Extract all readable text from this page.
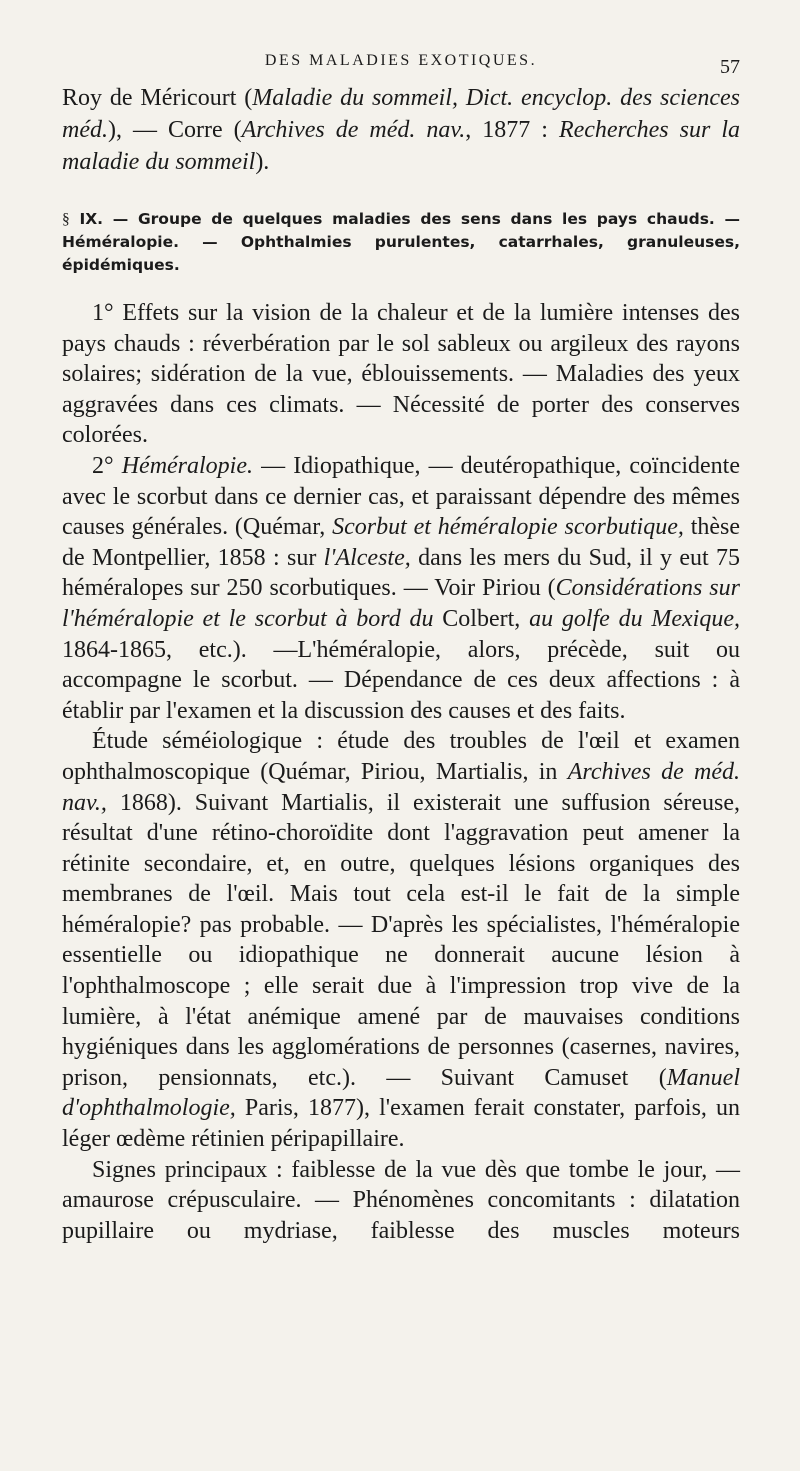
DES MALADIES EXOTIQUES.	57

Roy de Méricourt (Maladie du sommeil, Dict. encyclop. des sciences méd.), — Corre (Archives de méd. nav., 1877 : Recherches sur la maladie du sommeil).

§ IX. — Groupe de quelques maladies des sens dans les pays chauds. — Héméralopie. — Ophthalmies purulentes, catarrhales, granuleuses, épidémiques.

1° Effets sur la vision de la chaleur et de la lumière intenses des pays chauds : réverbération par le sol sableux ou argileux des rayons solaires; sidération de la vue, éblouissements. — Maladies des yeux aggravées dans ces climats. — Nécessité de porter des conserves colorées.

2° Héméralopie. — Idiopathique, — deutéropathique, coïncidente avec le scorbut dans ce dernier cas, et paraissant dépendre des mêmes causes générales. (Quémar, Scorbut et héméralopie scorbutique, thèse de Montpellier, 1858 : sur l'Alceste, dans les mers du Sud, il y eut 75 héméralopes sur 250 scorbutiques. — Voir Piriou (Considérations sur l'héméralopie et le scorbut à bord du Colbert, au golfe du Mexique, 1864-1865, etc.). —L'héméralopie, alors, précède, suit ou accompagne le scorbut. — Dépendance de ces deux affections : à établir par l'examen et la discussion des causes et des faits.

Étude séméiologique : étude des troubles de l'œil et examen ophthalmoscopique (Quémar, Piriou, Martialis, in Archives de méd. nav., 1868). Suivant Martialis, il existerait une suffusion séreuse, résultat d'une rétino-choroïdite dont l'aggravation peut amener la rétinite secondaire, et, en outre, quelques lésions organiques des membranes de l'œil. Mais tout cela est-il le fait de la simple héméralopie? pas probable. — D'après les spécialistes, l'héméralopie essentielle ou idiopathique ne donnerait aucune lésion à l'ophthalmoscope ; elle serait due à l'impression trop vive de la lumière, à l'état anémique amené par de mauvaises conditions hygiéniques dans les agglomérations de personnes (casernes, navires, prison, pensionnats, etc.). — Suivant Camuset (Manuel d'ophthalmologie, Paris, 1877), l'examen ferait constater, parfois, un léger œdème rétinien péripapillaire.

Signes principaux : faiblesse de la vue dès que tombe le jour, — amaurose crépusculaire. — Phénomènes concomitants : dilatation pupillaire ou mydriase, faiblesse des muscles moteurs
